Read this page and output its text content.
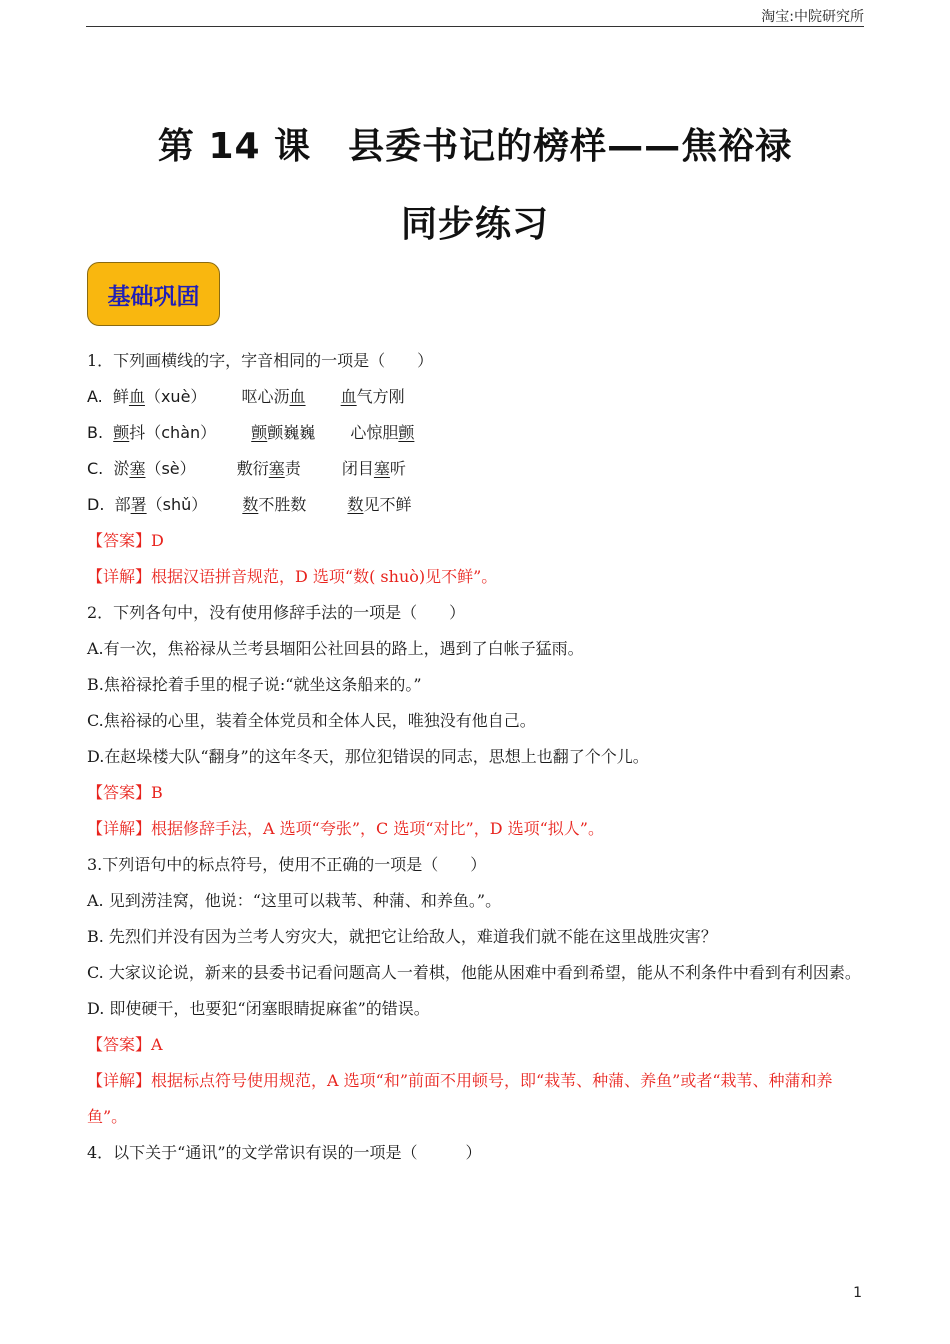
淘宝:中院研究所
第 14 课　县委书记的榜样——焦裕禄
同步练习
基础巩固
1．下列画横线的字，字音相同的一项是（　　）
A. 鲜血（xuè） 呕心沥血 血气方刚
B. 颤抖（chàn） 颤颤巍巍 心惊胆颤
C. 淤塞（sè）	敷衍塞责	闭目塞听
D. 部署（shǔ） 数不胜数	数见不鲜
【答案】D
【详解】根据汉语拼音规范，D 选项“数( shuò)见不鲜”。
2．下列各句中，没有使用修辞手法的一项是（　　）
A.有一次，焦裕禄从兰考县堌阳公社回县的路上，遇到了白帐子猛雨。
B.焦裕禄抡着手里的棍子说:“就坐这条船来的。”
C.焦裕禄的心里，装着全体党员和全体人民，唯独没有他自己。
D.在赵垛楼大队“翻身”的这年冬天，那位犯错误的同志，思想上也翻了个个儿。
【答案】B
【详解】根据修辞手法，A 选项“夸张”，C 选项“对比”，D 选项“拟人”。
3.下列语句中的标点符号，使用不正确的一项是（　　）
A. 见到涝洼窝，他说：“这里可以栽苇、种蒲、和养鱼。”。
B. 先烈们并没有因为兰考人穷灾大，就把它让给敌人，难道我们就不能在这里战胜灾害？
C. 大家议论说，新来的县委书记看问题高人一着棋，他能从困难中看到希望，能从不利条件中看到有利因素。
D. 即使硬干，也要犯“闭塞眼睛捉麻雀”的错误。
【答案】A
【详解】根据标点符号使用规范，A 选项“和”前面不用顿号，即“栽苇、种蒲、养鱼”或者“栽苇、种蒲和养鱼”。
4．以下关于“通讯”的文学常识有误的一项是（　　　）
1
